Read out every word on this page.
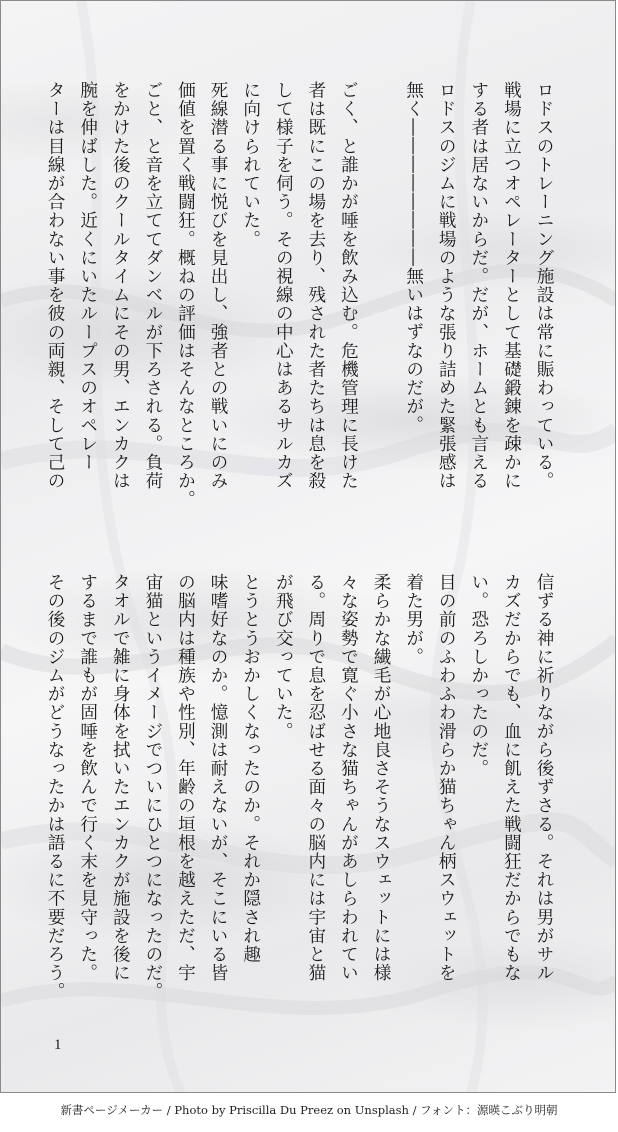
ロドスのトレーニング施設は常に賑わっている。
戦場に立つオペレーターとして基礎鍛錬を疎かに
する者は居ないからだ。だが、ホームとも言える
ロドスのジムに戦場のような張り詰めた緊張感は
無く――――――――無いはずなのだが。

ごく、と誰かが唾を飲み込む。危機管理に長けた
者は既にこの場を去り、残された者たちは息を殺
して様子を伺う。その視線の中心はあるサルカズ
に向けられていた。
死線潜る事に悦びを見出し、強者との戦いにのみ
価値を置く戦闘狂。概ねの評価はそんなところか。
ごと、と音を立ててダンベルが下ろされる。負荷
をかけた後のクールタイムにその男、エンカクは
腕を伸ばした。近くにいたループスのオペレー
ターは目線が合わない事を彼の両親、そして己の
信ずる神に祈りながら後ずさる。それは男がサル
カズだからでも、血に飢えた戦闘狂だからでもな
い。恐ろしかったのだ。
目の前のふわふわ滑らか猫ちゃん柄スウェットを
着た男が。
柔らかな繊毛が心地良さそうなスウェットには様
々な姿勢で寛ぐ小さな猫ちゃんがあしらわれてい
る。周りで息を忍ばせる面々の脳内には宇宙と猫
が飛び交っていた。
とうとうおかしくなったのか。それか隠され趣
味嗜好なのか。憶測は耐えないが、そこにいる皆
の脳内は種族や性別、年齢の垣根を越えただ、宇
宙猫というイメージでついにひとつになったのだ。
タオルで雑に身体を拭いたエンカクが施設を後に
するまで誰もが固唾を飲んで行く末を見守った。
その後のジムがどうなったかは語るに不要だろう。
1
新書ページメーカー / Photo by Priscilla Du Preez on Unsplash / フォント：源暎こぶり明朝
